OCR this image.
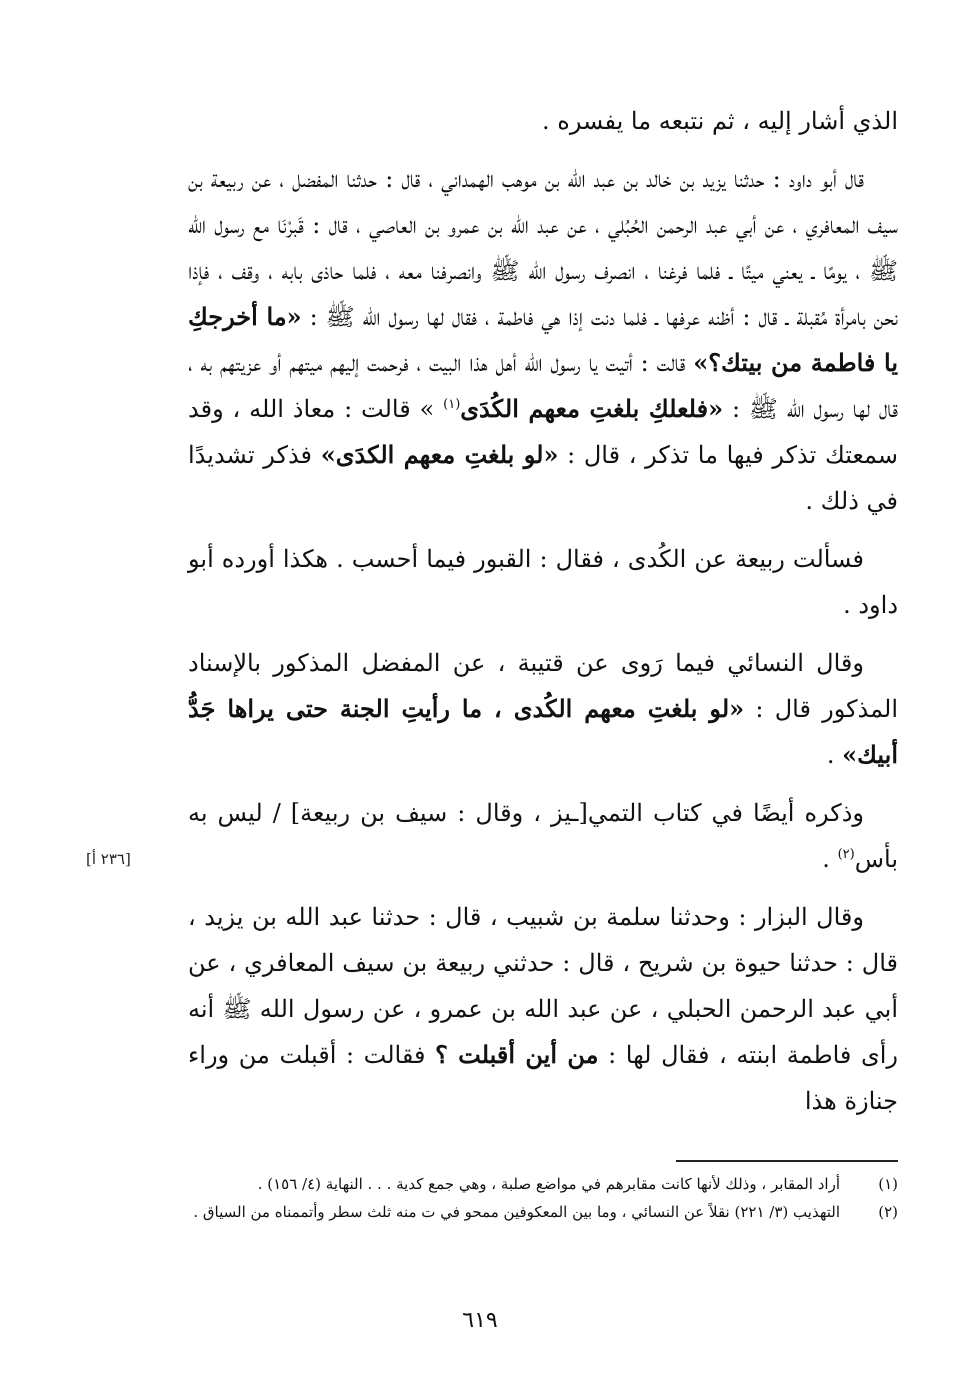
الذي أشار إليه ، ثم نتبعه ما يفسره .

قال أبو داود : حدثنا يزيد بن خالد بن عبد الله بن موهب الهمداني ، قال : حدثنا المفضل ، عن ربيعة بن سيف المعافري ، عن أبي عبد الرحمن الحُبُلي ، عن عبد الله بن عمرو بن العاصي ، قال : قَبرْنَا مع رسول الله ﷺ ، يومًا ـ يعني ميتًا ـ فلما فرغنا ، انصرف رسول الله ﷺ وانصرفنا معه ، فلما حاذى بابه ، وقف ، فإذا نحن بامرأة مُقبلة ـ قال : أظنه عرفها ـ فلما دنت إذا هي فاطمة ، فقال لها رسول الله ﷺ : «ما أخرجكِ يا فاطمة من بيتك؟» قالت : أتيت يا رسول الله أهل هذا البيت ، فرحمت إليهم ميتهم أو عزيتهم به ، قال لها رسول الله ﷺ : «فلعلكِ بلغتِ معهم الكُدَى$^{(١)}$ » قالت : معاذ الله ، وقد سمعتك تذكر فيها ما تذكر ، قال : «لو بلغتِ معهم الكدَى» فذكر تشديدًا في ذلك .

فسألت ربيعة عن الكُدى ، فقال : القبور فيما أحسب . هكذا أورده أبو داود .

وقال النسائي فيما رَوى عن قتيبة ، عن المفضل المذكور بالإسناد المذكور قال : «لو بلغتِ معهم الكُدى ، ما رأيتِ الجنة حتى يراها جَدُّ أبيك» .

وذكره أيضًا في كتاب التمي[ـيز ، وقال : سيف بن ربيعة] / ليس به بأس$^{(٢)}$ .

وقال البزار : وحدثنا سلمة بن شبيب ، قال : حدثنا عبد الله بن يزيد ، قال : حدثنا حيوة بن شريح ، قال : حدثني ربيعة بن سيف المعافري ، عن أبي عبد الرحمن الحبلي ، عن عبد الله بن عمرو ، عن رسول الله ﷺ أنه رأى فاطمة ابنته ، فقال لها : من أين أقبلت ؟ فقالت : أقبلت من وراء جنازة هذا

[٢٣٦ أ]
(١)
أراد المقابر ، وذلك لأنها كانت مقابرهم في مواضع صلبة ، وهي جمع كدية . . . النهاية (٤/ ١٥٦) .
(٢)
التهذيب (٣/ ٢٢١) نقلاً عن النسائي ، وما بين المعكوفين ممحو في ت منه ثلث سطر وأتممناه من السياق .
٦١٩
